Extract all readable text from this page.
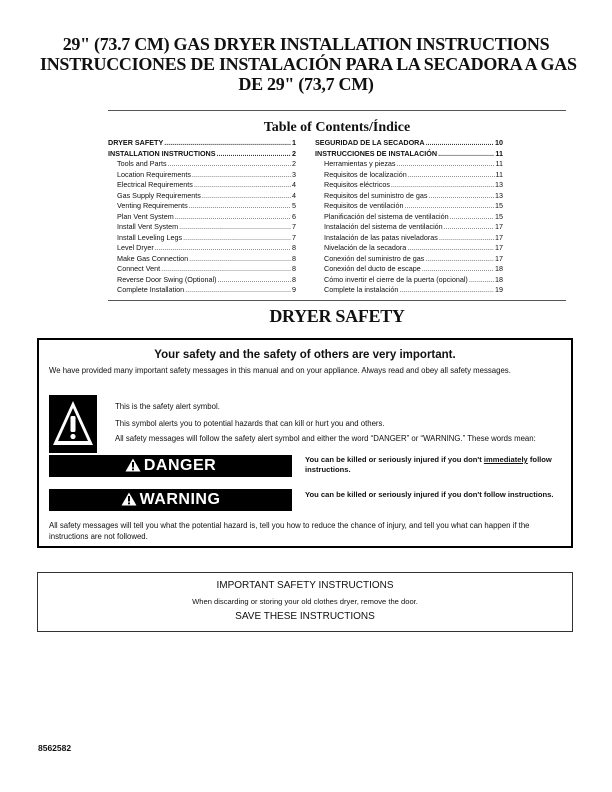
29" (73.7 CM) GAS DRYER INSTALLATION INSTRUCTIONS
INSTRUCCIONES DE INSTALACIÓN PARA LA SECADORA A GAS
DE 29" (73,7 CM)
Table of Contents/Índice
DRYER SAFETY .....	1
INSTALLATION INSTRUCTIONS .....	2
Tools and Parts .....	2
Location Requirements .....	3
Electrical Requirements .....	4
Gas Supply Requirements .....	4
Venting Requirements .....	5
Plan Vent System .....	6
Install Vent System .....	7
Install Leveling Legs .....	7
Level Dryer .....	8
Make Gas Connection .....	8
Connect Vent .....	8
Reverse Door Swing (Optional) .....	8
Complete Installation .....	9
SEGURIDAD DE LA SECADORA .....	10
INSTRUCCIONES DE INSTALACIÓN .....	11
Herramientas y piezas .....	11
Requisitos de localización .....	11
Requisitos eléctricos .....	13
Requisitos del suministro de gas .....	13
Requisitos de ventilación .....	15
Planificación del sistema de ventilación .....	15
Instalación del sistema de ventilación .....	17
Instalación de las patas niveladoras .....	17
Nivelación de la secadora .....	17
Conexión del suministro de gas .....	17
Conexión del ducto de escape .....	18
Cómo invertir el cierre de la puerta (opcional) .....	18
Complete la instalación .....	19
DRYER SAFETY
Your safety and the safety of others are very important.
We have provided many important safety messages in this manual and on your appliance. Always read and obey all safety messages.
This is the safety alert symbol.
This symbol alerts you to potential hazards that can kill or hurt you and others.
All safety messages will follow the safety alert symbol and either the word “DANGER” or “WARNING.” These words mean:
DANGER	You can be killed or seriously injured if you don't immediately follow instructions.
WARNING	You can be killed or seriously injured if you don't follow instructions.
All safety messages will tell you what the potential hazard is, tell you how to reduce the chance of injury, and tell you what can happen if the instructions are not followed.
IMPORTANT SAFETY INSTRUCTIONS
When discarding or storing your old clothes dryer, remove the door.
SAVE THESE INSTRUCTIONS
8562582
